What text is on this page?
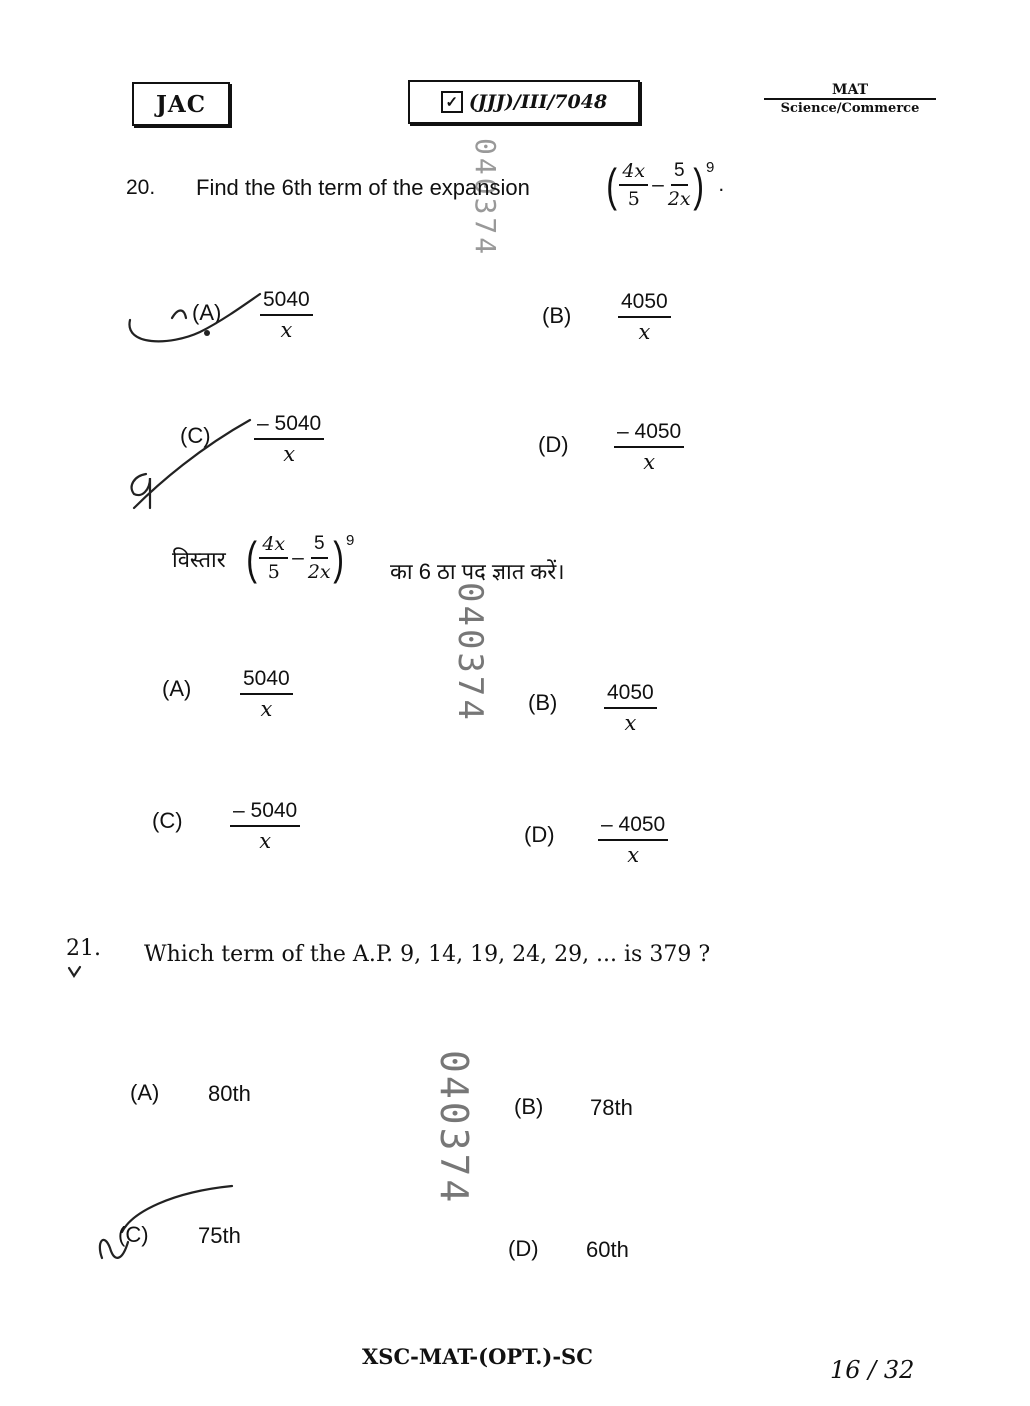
JAC	✓ (JJJ)/III/7048
MAT
Science/Commerce
040374
040374
040374
20. Find the 6th term of the expansion ( $\frac{4x}{5} - \frac{5}{2x}$ ) 9
.
$(A) \frac{5040}{x}$	$(B) \frac{4050}{x}$
$(C) \frac{- 5040}{x}$	$(D) \frac{- 4050}{x}$
विस्तार ( $\frac{4x}{5} - \frac{5}{2x}$ ) 9
का 6 ठा पद ज्ञात करें।
$(A) \frac{5040}{x}$	$(B) \frac{4050}{x}$
$(C) \frac{- 5040}{x}$	$(D) \frac{- 4050}{x}$
21. Which term of the A.P. 9, 14, 19, 24, 29, ... is 379 ?
(A) 80th
(B) 78th
(C) 75th
(D) 60th
XSC-MAT-(OPT.)-SC	16 / 32
